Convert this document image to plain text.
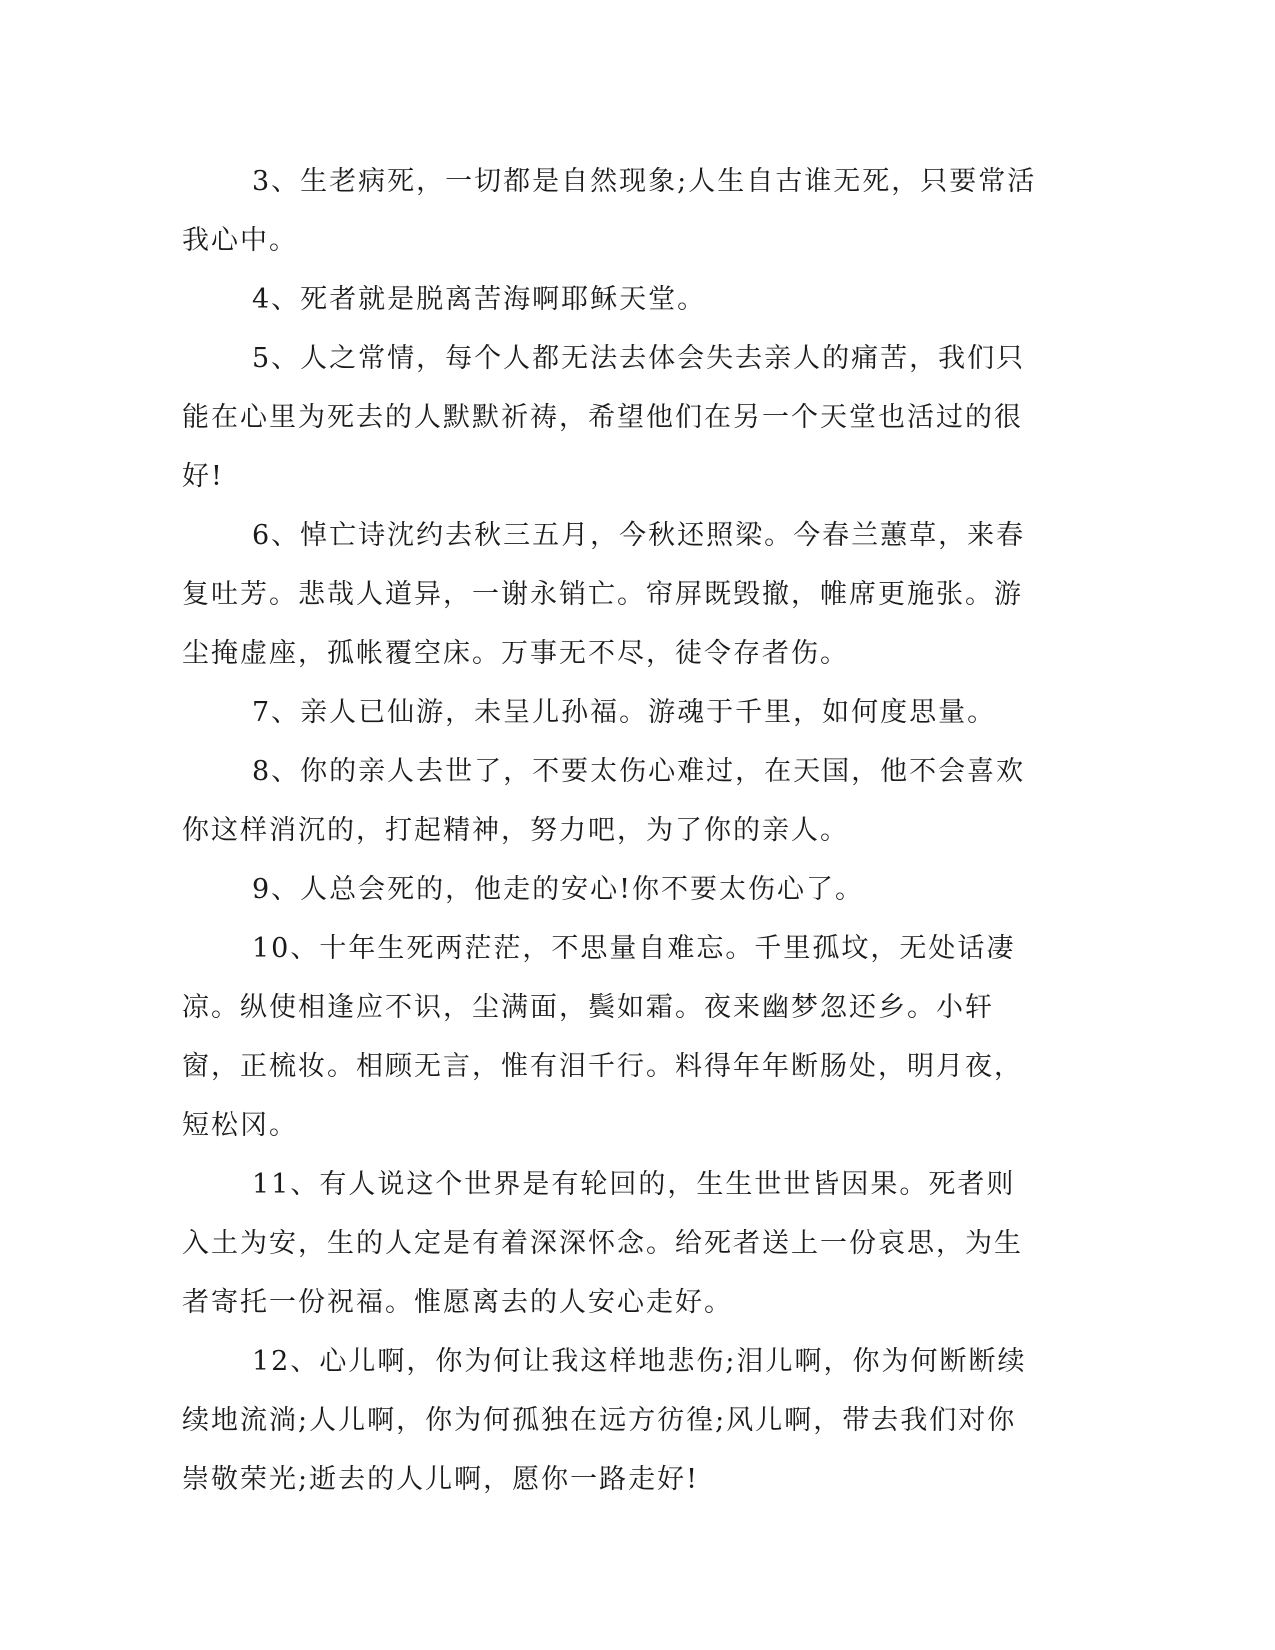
3、生老病死，一切都是自然现象;人生自古谁无死，只要常活我心中。

4、死者就是脱离苦海啊耶稣天堂。

5、人之常情，每个人都无法去体会失去亲人的痛苦，我们只能在心里为死去的人默默祈祷，希望他们在另一个天堂也活过的很好!

6、悼亡诗沈约去秋三五月，今秋还照梁。今春兰蕙草，来春复吐芳。悲哉人道异，一谢永销亡。帘屏既毁撤，帷席更施张。游尘掩虚座，孤帐覆空床。万事无不尽，徒令存者伤。

7、亲人已仙游，未呈儿孙福。游魂于千里，如何度思量。

8、你的亲人去世了，不要太伤心难过，在天国，他不会喜欢你这样消沉的，打起精神，努力吧，为了你的亲人。

9、人总会死的，他走的安心!你不要太伤心了。

10、十年生死两茫茫，不思量自难忘。千里孤坟，无处话凄凉。纵使相逢应不识，尘满面，鬓如霜。夜来幽梦忽还乡。小轩窗，正梳妆。相顾无言，惟有泪千行。料得年年断肠处，明月夜，短松冈。

11、有人说这个世界是有轮回的，生生世世皆因果。死者则入土为安，生的人定是有着深深怀念。给死者送上一份哀思，为生者寄托一份祝福。惟愿离去的人安心走好。

12、心儿啊，你为何让我这样地悲伤;泪儿啊，你为何断断续续地流淌;人儿啊，你为何孤独在远方彷徨;风儿啊，带去我们对你崇敬荣光;逝去的人儿啊，愿你一路走好!
